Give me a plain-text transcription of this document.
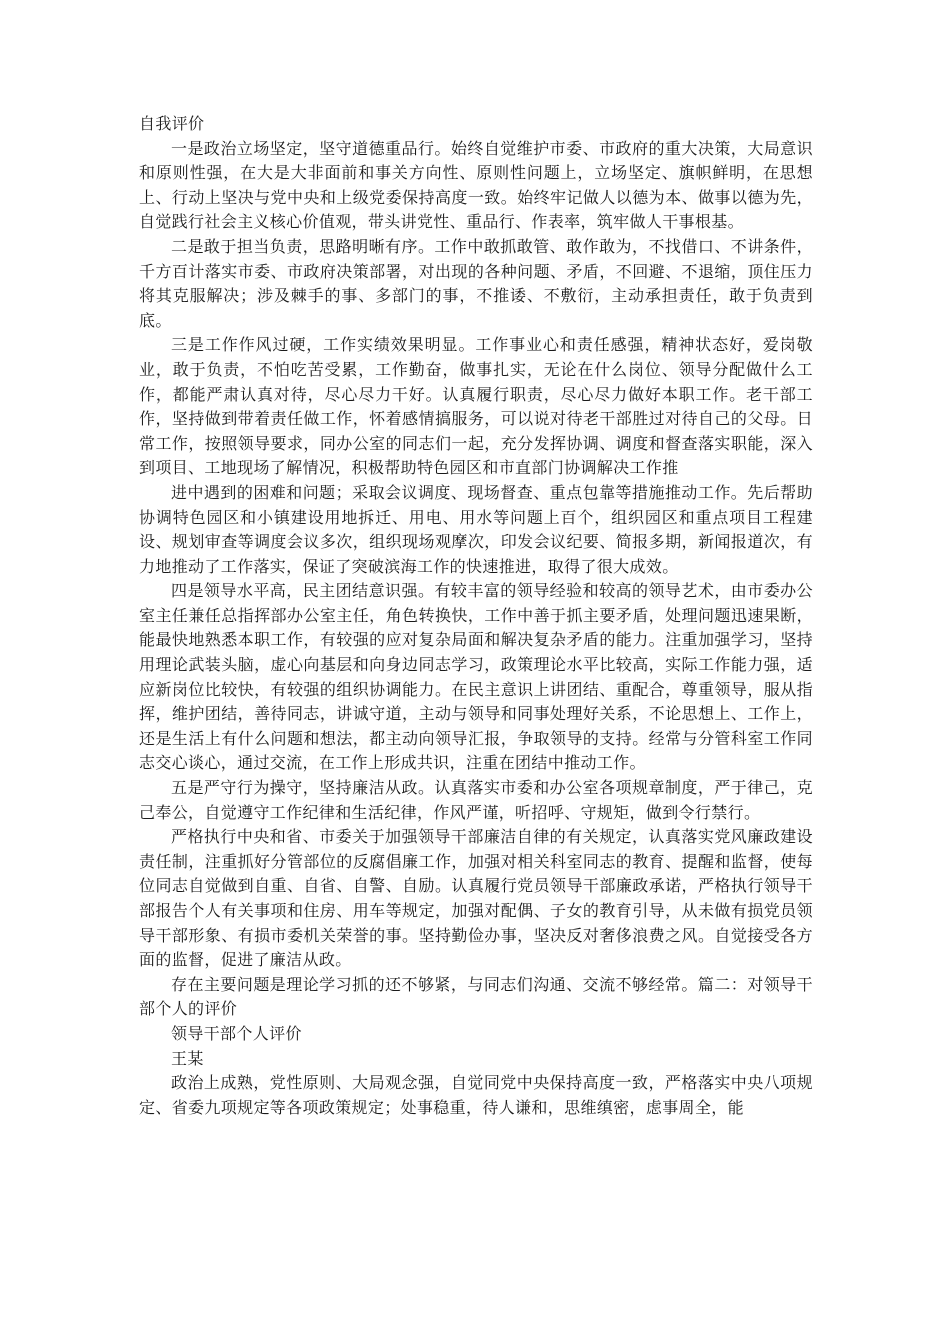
自我评价

一是政治立场坚定，坚守道德重品行。始终自觉维护市委、市政府的重大决策，大局意识和原则性强，在大是大非面前和事关方向性、原则性问题上，立场坚定、旗帜鲜明，在思想上、行动上坚决与党中央和上级党委保持高度一致。始终牢记做人以德为本、做事以德为先，自觉践行社会主义核心价值观，带头讲党性、重品行、作表率，筑牢做人干事根基。

二是敢于担当负责，思路明晰有序。工作中敢抓敢管、敢作敢为，不找借口、不讲条件，千方百计落实市委、市政府决策部署，对出现的各种问题、矛盾，不回避、不退缩，顶住压力将其克服解决；涉及棘手的事、多部门的事，不推诿、不敷衍，主动承担责任，敢于负责到底。

三是工作作风过硬，工作实绩效果明显。工作事业心和责任感强，精神状态好，爱岗敬业，敢于负责，不怕吃苦受累，工作勤奋，做事扎实，无论在什么岗位、领导分配做什么工作，都能严肃认真对待，尽心尽力干好。认真履行职责，尽心尽力做好本职工作。老干部工作，坚持做到带着责任做工作，怀着感情搞服务，可以说对待老干部胜过对待自己的父母。日常工作，按照领导要求，同办公室的同志们一起，充分发挥协调、调度和督查落实职能，深入到项目、工地现场了解情况，积极帮助特色园区和市直部门协调解决工作推

进中遇到的困难和问题；采取会议调度、现场督查、重点包靠等措施推动工作。先后帮助协调特色园区和小镇建设用地拆迁、用电、用水等问题上百个，组织园区和重点项目工程建设、规划审查等调度会议多次，组织现场观摩次，印发会议纪要、简报多期，新闻报道次，有力地推动了工作落实，保证了突破滨海工作的快速推进，取得了很大成效。

四是领导水平高，民主团结意识强。有较丰富的领导经验和较高的领导艺术，由市委办公室主任兼任总指挥部办公室主任，角色转换快，工作中善于抓主要矛盾，处理问题迅速果断，能最快地熟悉本职工作，有较强的应对复杂局面和解决复杂矛盾的能力。注重加强学习，坚持用理论武装头脑，虚心向基层和向身边同志学习，政策理论水平比较高，实际工作能力强，适应新岗位比较快，有较强的组织协调能力。在民主意识上讲团结、重配合，尊重领导，服从指挥，维护团结，善待同志，讲诚守道，主动与领导和同事处理好关系，不论思想上、工作上，还是生活上有什么问题和想法，都主动向领导汇报，争取领导的支持。经常与分管科室工作同志交心谈心，通过交流，在工作上形成共识，注重在团结中推动工作。

五是严守行为操守，坚持廉洁从政。认真落实市委和办公室各项规章制度，严于律己，克己奉公，自觉遵守工作纪律和生活纪律，作风严谨，听招呼、守规矩，做到令行禁行。

严格执行中央和省、市委关于加强领导干部廉洁自律的有关规定，认真落实党风廉政建设责任制，注重抓好分管部位的反腐倡廉工作，加强对相关科室同志的教育、提醒和监督，使每位同志自觉做到自重、自省、自警、自励。认真履行党员领导干部廉政承诺，严格执行领导干部报告个人有关事项和住房、用车等规定，加强对配偶、子女的教育引导，从未做有损党员领导干部形象、有损市委机关荣誉的事。坚持勤俭办事，坚决反对奢侈浪费之风。自觉接受各方面的监督，促进了廉洁从政。

存在主要问题是理论学习抓的还不够紧，与同志们沟通、交流不够经常。篇二：对领导干部个人的评价

领导干部个人评价

王某

政治上成熟，党性原则、大局观念强，自觉同党中央保持高度一致，严格落实中央八项规定、省委九项规定等各项政策规定；处事稳重，待人谦和，思维缜密，虑事周全，能
